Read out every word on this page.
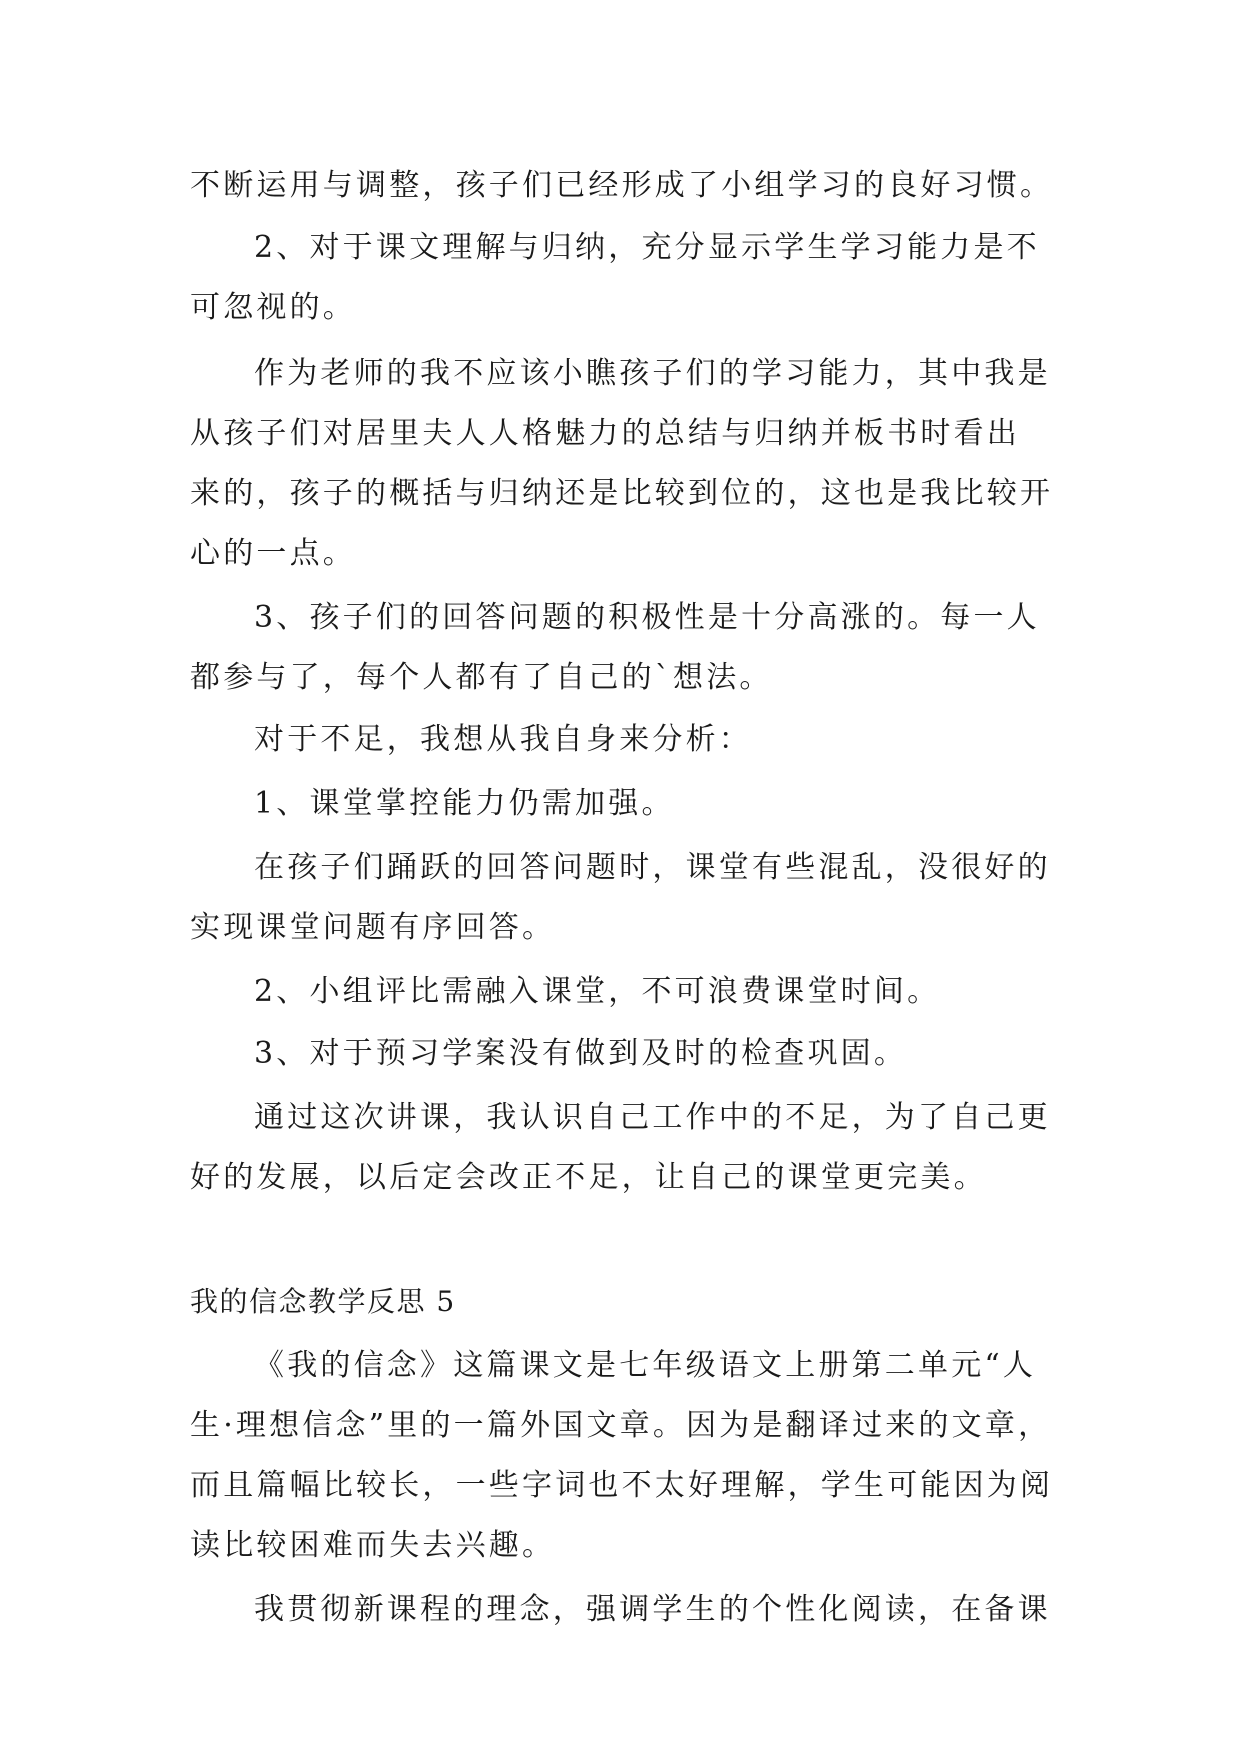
不断运用与调整，孩子们已经形成了小组学习的良好习惯。
2、对于课文理解与归纳，充分显示学生学习能力是不
可忽视的。
作为老师的我不应该小瞧孩子们的学习能力，其中我是
从孩子们对居里夫人人格魅力的总结与归纳并板书时看出
来的，孩子的概括与归纳还是比较到位的，这也是我比较开
心的一点。
3、孩子们的回答问题的积极性是十分高涨的。每一人
都参与了，每个人都有了自己的`想法。
对于不足，我想从我自身来分析：
1、课堂掌控能力仍需加强。
在孩子们踊跃的回答问题时，课堂有些混乱，没很好的
实现课堂问题有序回答。
2、小组评比需融入课堂，不可浪费课堂时间。
3、对于预习学案没有做到及时的检查巩固。
通过这次讲课，我认识自己工作中的不足，为了自己更
好的发展，以后定会改正不足，让自己的课堂更完美。
我的信念教学反思 5
《我的信念》这篇课文是七年级语文上册第二单元“人
生·理想信念”里的一篇外国文章。因为是翻译过来的文章，
而且篇幅比较长，一些字词也不太好理解，学生可能因为阅
读比较困难而失去兴趣。
我贯彻新课程的理念，强调学生的个性化阅读，在备课
